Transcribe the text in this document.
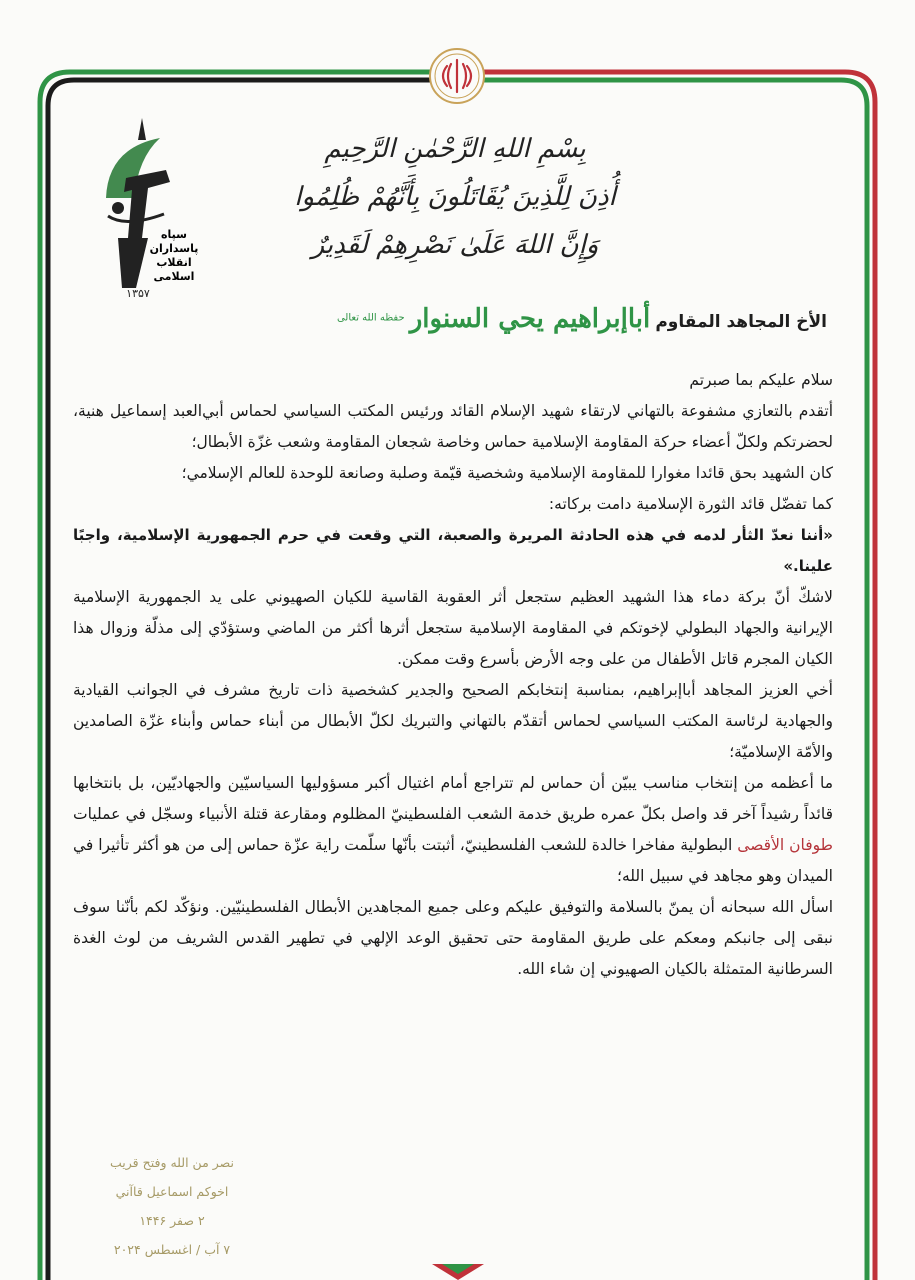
سپاه
پاسداران
انقلاب
اسلامی
۱۳۵۷
بِسْمِ اللهِ الرَّحْمٰنِ الرَّحِيمِ
أُذِنَ لِلَّذِينَ يُقَاتَلُونَ بِأَنَّهُمْ ظُلِمُوا
وَإِنَّ اللهَ عَلَىٰ نَصْرِهِمْ لَقَدِيرٌ
الأخ المجاهد المقاوم أباإبراهيم يحي السنوار $^{حفظه الله تعالى}$

سلام عليكم بما صبرتم

أتقدم بالتعازي مشفوعة بالتهاني لارتقاء شهيد الإسلام القائد ورئيس المكتب السياسي لحماس أبي‌العبد إسماعيل هنية، لحضرتكم ولكلّ أعضاء حركة المقاومة الإسلامية حماس وخاصة شجعان المقاومة وشعب غزّة الأبطال؛

كان الشهيد بحق قائدا مغوارا للمقاومة الإسلامية وشخصية قيّمة وصلبة وصانعة للوحدة للعالم الإسلامي؛

كما تفضّل قائد الثورة الإسلامية دامت بركاته:

«أننا نعدّ الثأر لدمه في هذه الحادثة المريرة والصعبة، التي وقعت في حرم الجمهورية الإسلامية، واجبًا علينا.»

لاشكّ أنّ بركة دماء هذا الشهيد العظيم ستجعل أثر العقوبة القاسية للكيان الصهيوني على يد الجمهورية الإسلامية الإيرانية والجهاد البطولي لإخوتكم في المقاومة الإسلامية ستجعل أثرها أكثر من الماضي وستؤدّي إلى مذلّة وزوال هذا الكيان المجرم قاتل الأطفال من على وجه الأرض بأسرع وقت ممكن.

أخي العزيز المجاهد أباإبراهيم، بمناسبة إنتخابكم الصحيح والجدير كشخصية ذات تاريخ مشرف في الجوانب القيادية والجهادية لرئاسة المكتب السياسي لحماس أتقدّم بالتهاني والتبريك لكلّ الأبطال من أبناء حماس وأبناء غزّة الصامدين والأمّة الإسلاميّة؛

ما أعظمه من إنتخاب مناسب يبيّن أن حماس لم تتراجع أمام اغتيال أكبر مسؤوليها السياسيّين والجهاديّين، بل بانتخابها قائداً رشيداً آخر قد واصل بكلّ عمره طريق خدمة الشعب الفلسطينيّ المظلوم ومقارعة قتلة الأنبياء وسجّل في عمليات طوفان الأقصى البطولية مفاخرا خالدة للشعب الفلسطينيّ، أثبتت بأنّها سلّمت راية عزّة حماس إلى من هو أكثر تأثيرا في الميدان وهو مجاهد في سبيل الله؛

اسأل الله سبحانه أن يمنّ بالسلامة والتوفيق عليكم وعلى جميع المجاهدين الأبطال الفلسطينيّين. ونؤكّد لكم بأنّنا سوف نبقى إلى جانبكم ومعكم على طريق المقاومة حتى تحقيق الوعد الإلهي في تطهير القدس الشريف من لوث الغدة السرطانية المتمثلة بالكيان الصهيوني إن شاء الله.

نصر من الله وفتح قريب
اخوكم اسماعيل قاآني
۲ صفر ۱۴۴۶
۷ آب / اغسطس ۲۰۲۴
